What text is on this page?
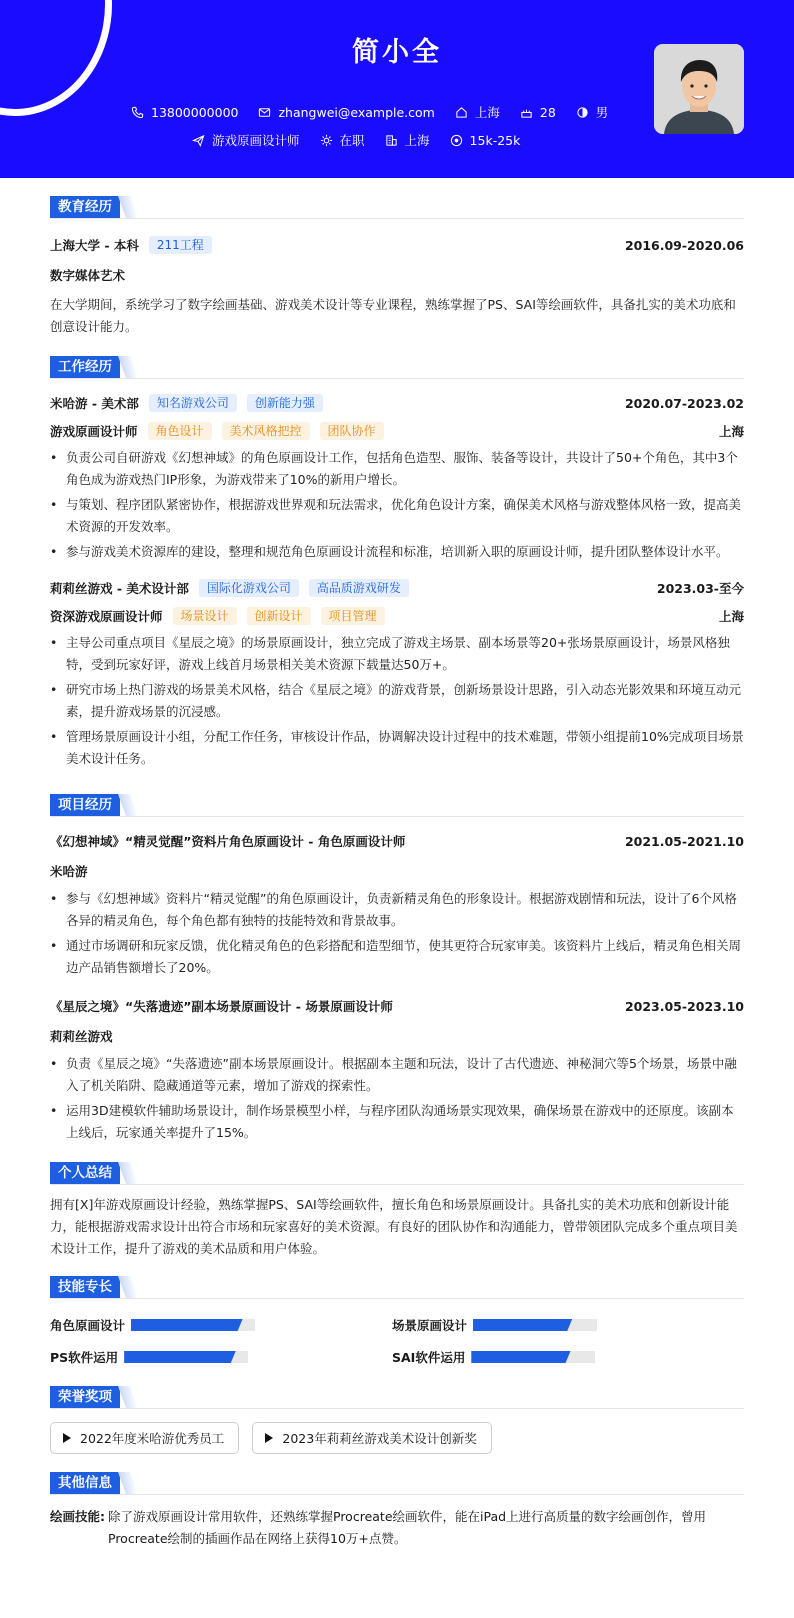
简小全
13800000000	zhangwei@example.com	上海	28	男
游戏原画设计师	在职	上海	15k-25k
教育经历
上海大学 - 本科	211工程	2016.09-2020.06
数字媒体艺术
在大学期间，系统学习了数字绘画基础、游戏美术设计等专业课程，熟练掌握了PS、SAI等绘画软件，具备扎实的美术功底和创意设计能力。
工作经历
米哈游 - 美术部	知名游戏公司	创新能力强	2020.07-2023.02
游戏原画设计师	角色设计	美术风格把控	团队协作	上海
• 负责公司自研游戏《幻想神域》的角色原画设计工作，包括角色造型、服饰、装备等设计，共设计了50+个角色，其中3个角色成为游戏热门IP形象，为游戏带来了10%的新用户增长。
• 与策划、程序团队紧密协作，根据游戏世界观和玩法需求，优化角色设计方案，确保美术风格与游戏整体风格一致，提高美术资源的开发效率。
• 参与游戏美术资源库的建设，整理和规范角色原画设计流程和标准，培训新入职的原画设计师，提升团队整体设计水平。
莉莉丝游戏 - 美术设计部	国际化游戏公司	高品质游戏研发	2023.03-至今
资深游戏原画设计师	场景设计	创新设计	项目管理	上海
• 主导公司重点项目《星辰之境》的场景原画设计，独立完成了游戏主场景、副本场景等20+张场景原画设计，场景风格独特，受到玩家好评，游戏上线首月场景相关美术资源下载量达50万+。
• 研究市场上热门游戏的场景美术风格，结合《星辰之境》的游戏背景，创新场景设计思路，引入动态光影效果和环境互动元素，提升游戏场景的沉浸感。
• 管理场景原画设计小组，分配工作任务，审核设计作品，协调解决设计过程中的技术难题，带领小组提前10%完成项目场景美术设计任务。
项目经历
《幻想神域》“精灵觉醒”资料片角色原画设计 - 角色原画设计师	2021.05-2021.10
米哈游
• 参与《幻想神域》资料片“精灵觉醒”的角色原画设计，负责新精灵角色的形象设计。根据游戏剧情和玩法，设计了6个风格各异的精灵角色，每个角色都有独特的技能特效和背景故事。
• 通过市场调研和玩家反馈，优化精灵角色的色彩搭配和造型细节，使其更符合玩家审美。该资料片上线后，精灵角色相关周边产品销售额增长了20%。
《星辰之境》“失落遗迹”副本场景原画设计 - 场景原画设计师	2023.05-2023.10
莉莉丝游戏
• 负责《星辰之境》“失落遗迹”副本场景原画设计。根据副本主题和玩法，设计了古代遗迹、神秘洞穴等5个场景，场景中融入了机关陷阱、隐藏通道等元素，增加了游戏的探索性。
• 运用3D建模软件辅助场景设计，制作场景模型小样，与程序团队沟通场景实现效果，确保场景在游戏中的还原度。该副本上线后，玩家通关率提升了15%。
个人总结
拥有[X]年游戏原画设计经验，熟练掌握PS、SAI等绘画软件，擅长角色和场景原画设计。具备扎实的美术功底和创新设计能力，能根据游戏需求设计出符合市场和玩家喜好的美术资源。有良好的团队协作和沟通能力，曾带领团队完成多个重点项目美术设计工作，提升了游戏的美术品质和用户体验。
技能专长
角色原画设计	场景原画设计
PS软件运用	SAI软件运用
荣誉奖项
2022年度米哈游优秀员工
	2023年莉莉丝游戏美术设计创新奖
其他信息
绘画技能: 除了游戏原画设计常用软件，还熟练掌握Procreate绘画软件，能在iPad上进行高质量的数字绘画创作，曾用Procreate绘制的插画作品在网络上获得10万+点赞。
